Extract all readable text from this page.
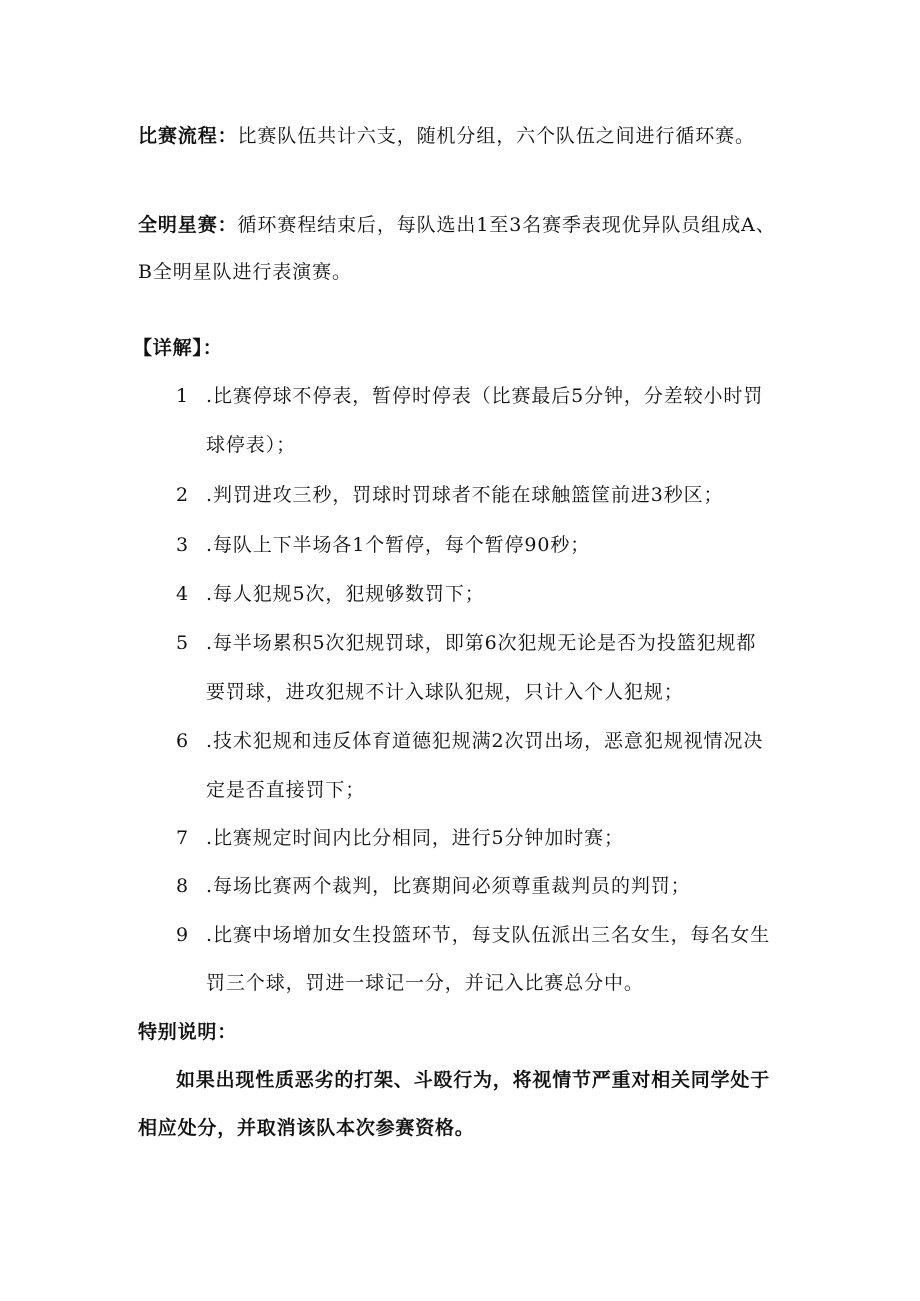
比赛流程：比赛队伍共计六支，随机分组，六个队伍之间进行循环赛。
全明星赛：循环赛程结束后，每队选出1至3名赛季表现优异队员组成A、
B全明星队进行表演赛。
【详解】：
1 .比赛停球不停表，暂停时停表（比赛最后5分钟，分差较小时罚
球停表）；
2 .判罚进攻三秒，罚球时罚球者不能在球触篮筐前进3秒区；
3 .每队上下半场各1个暂停，每个暂停90秒；
4 .每人犯规5次，犯规够数罚下；
5 .每半场累积5次犯规罚球，即第6次犯规无论是否为投篮犯规都
要罚球，进攻犯规不计入球队犯规，只计入个人犯规；
6 .技术犯规和违反体育道德犯规满2次罚出场，恶意犯规视情况决
定是否直接罚下；
7 .比赛规定时间内比分相同，进行5分钟加时赛；
8 .每场比赛两个裁判，比赛期间必须尊重裁判员的判罚；
9 .比赛中场增加女生投篮环节，每支队伍派出三名女生，每名女生
罚三个球，罚进一球记一分，并记入比赛总分中。
特别说明：
如果出现性质恶劣的打架、斗殴行为，将视情节严重对相关同学处于
相应处分，并取消该队本次参赛资格。
